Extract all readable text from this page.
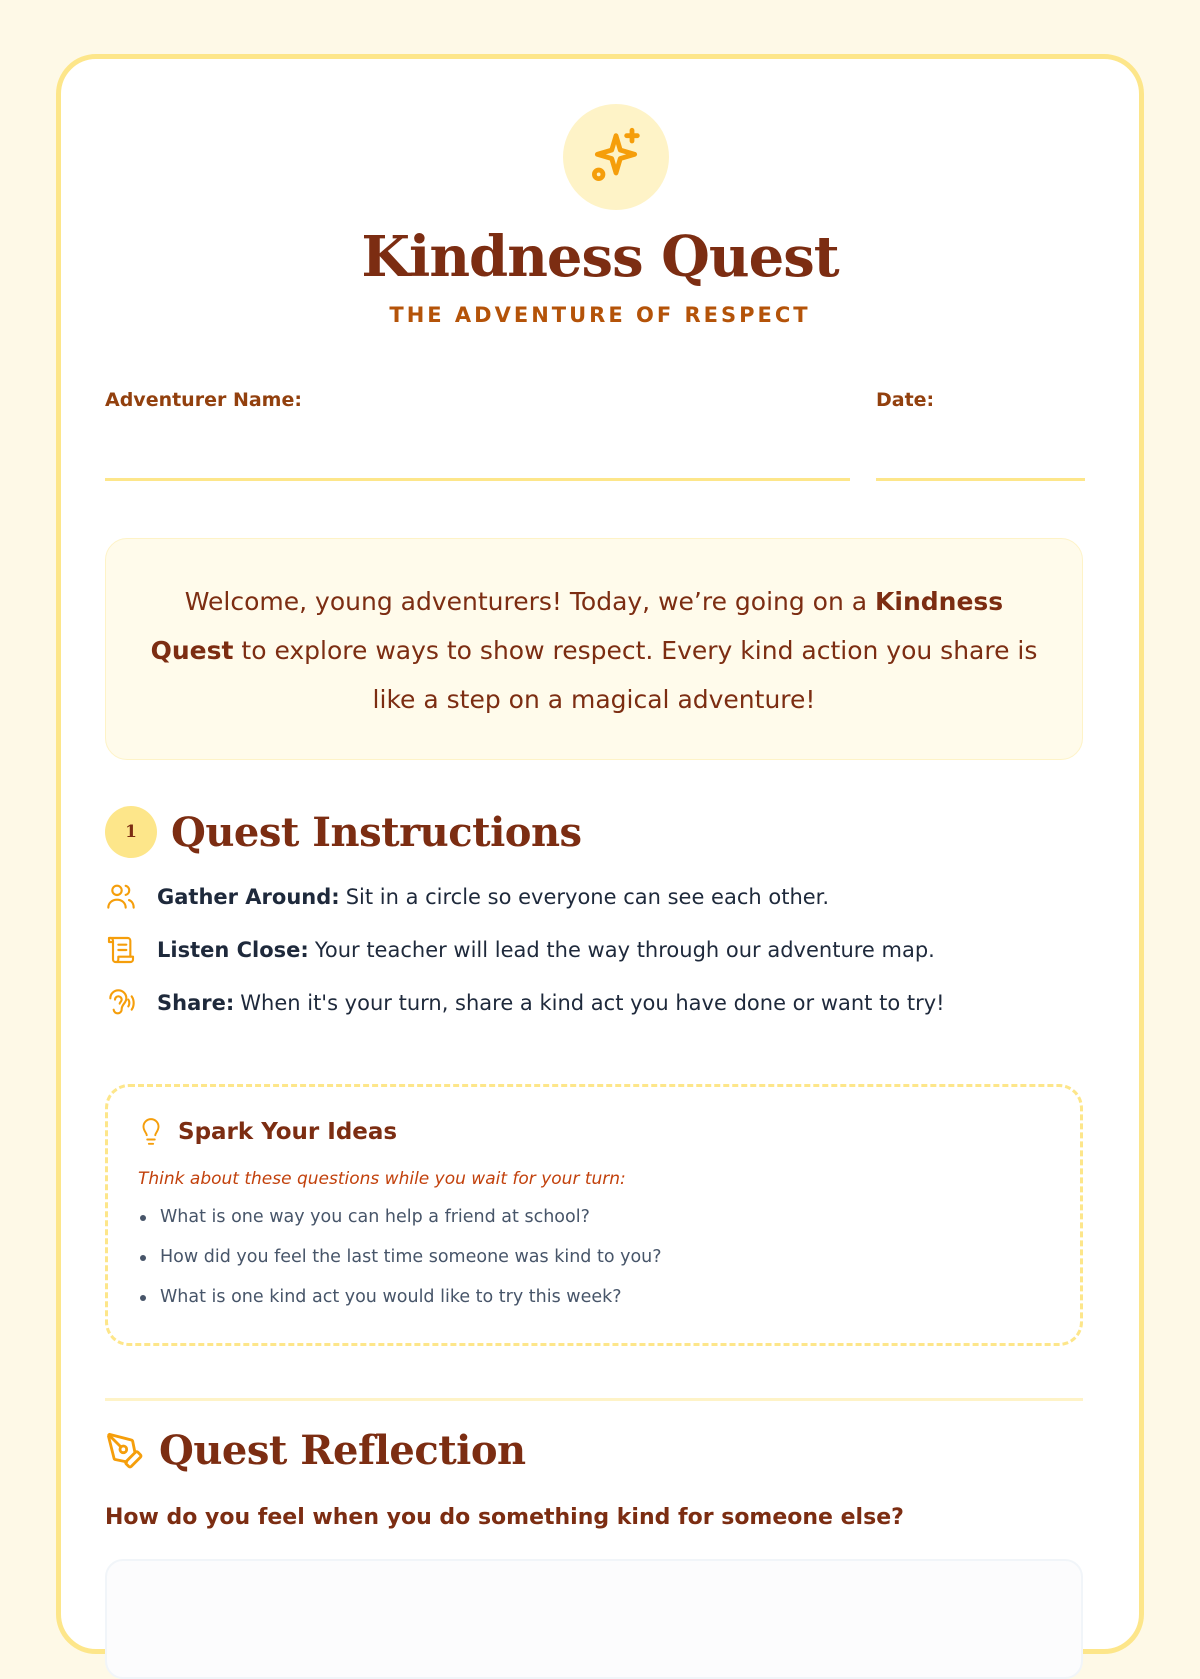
Kindness Quest
THE ADVENTURE OF RESPECT
Adventurer Name:	Date:
Welcome, young adventurers! Today, we’re going on a Kindness Quest to explore ways to show respect. Every kind action you share is like a step on a magical adventure!
1 Quest Instructions
Gather Around: Sit in a circle so everyone can see each other.
Listen Close: Your teacher will lead the way through our adventure map.
Share: When it's your turn, share a kind act you have done or want to try!
Spark Your Ideas
Think about these questions while you wait for your turn:
What is one way you can help a friend at school?
How did you feel the last time someone was kind to you?
What is one kind act you would like to try this week?
Quest Reflection
How do you feel when you do something kind for someone else?
